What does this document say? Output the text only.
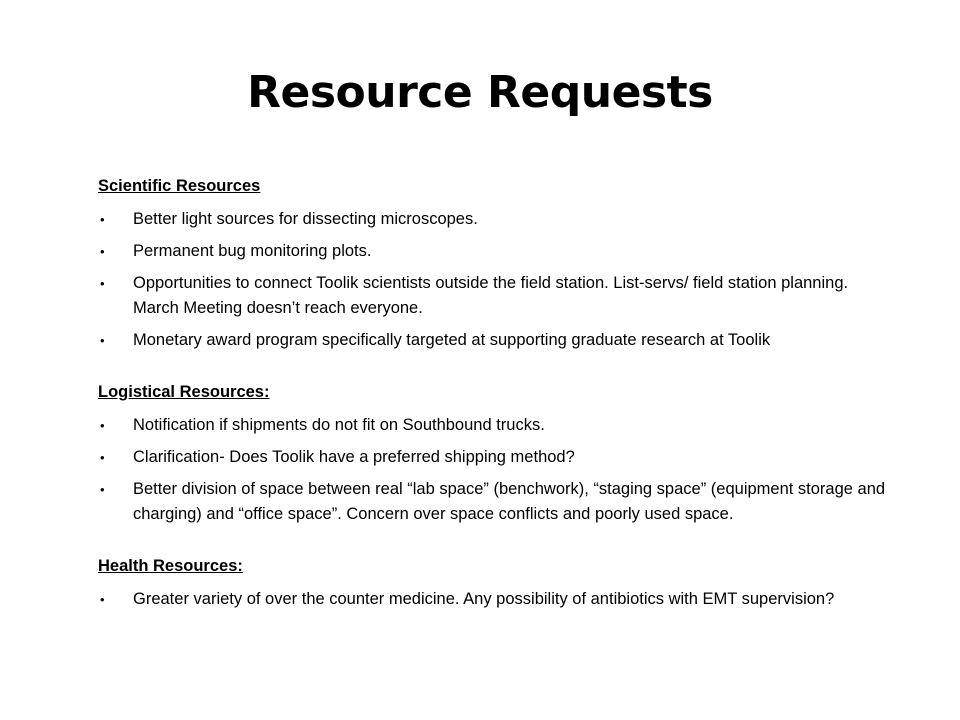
Resource Requests

Scientific Resources

• Better light sources for dissecting microscopes.
• Permanent bug monitoring plots.
• Opportunities to connect Toolik scientists outside the field station. List-servs/ field station planning. March Meeting doesn’t reach everyone.
• Monetary award program specifically targeted at supporting graduate research at Toolik

Logistical Resources:

• Notification if shipments do not fit on Southbound trucks.
• Clarification- Does Toolik have a preferred shipping method?
• Better division of space between real “lab space” (benchwork), “staging space” (equipment storage and charging) and “office space”. Concern over space conflicts and poorly used space.

Health Resources:

• Greater variety of over the counter medicine. Any possibility of antibiotics with EMT supervision?
